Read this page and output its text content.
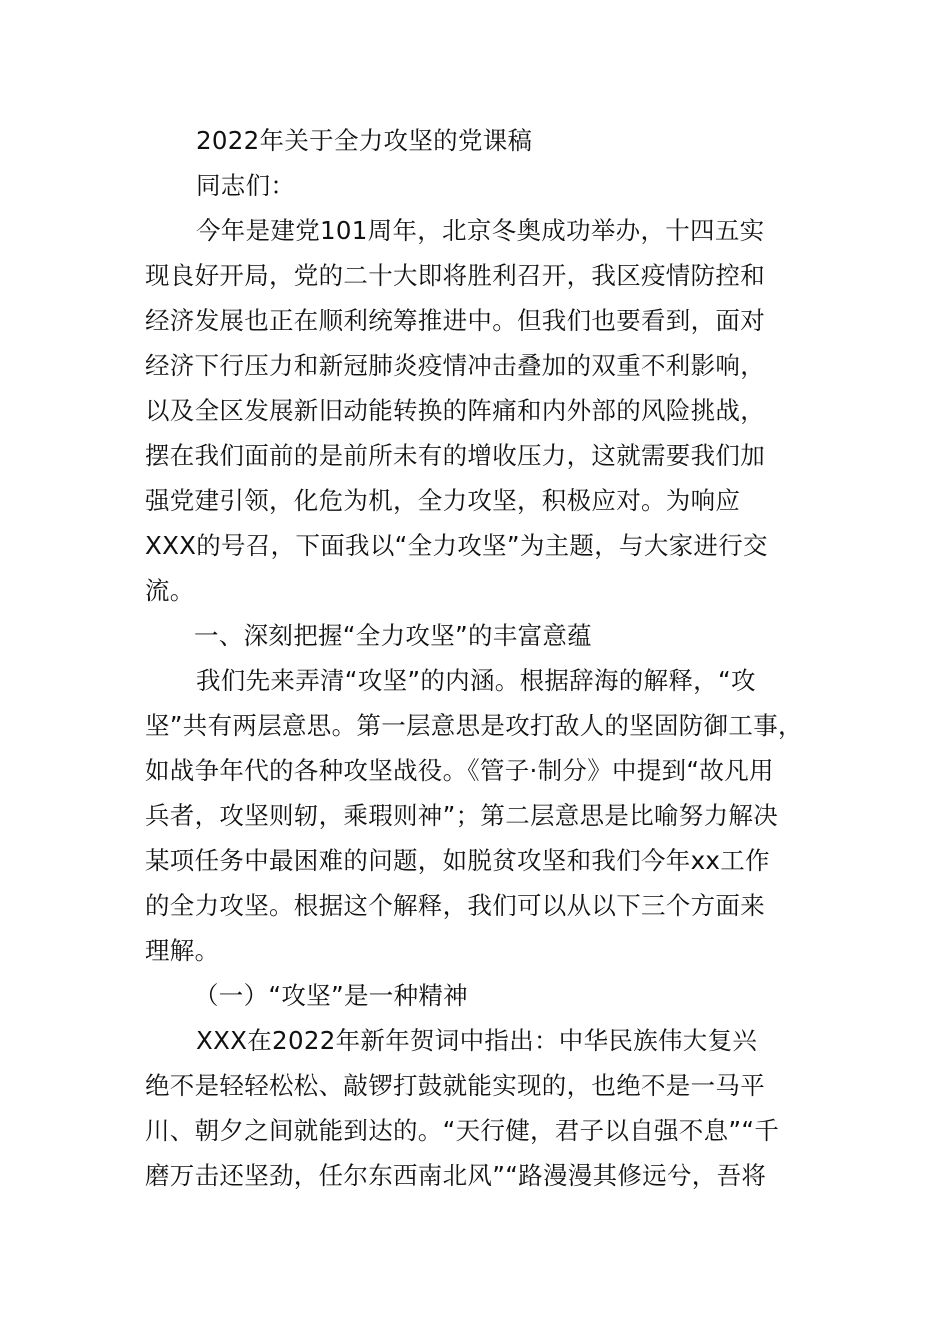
2022年关于全力攻坚的党课稿
同志们：
今年是建党101周年，北京冬奥成功举办，十四五实
现良好开局，党的二十大即将胜利召开，我区疫情防控和
经济发展也正在顺利统筹推进中。但我们也要看到，面对
经济下行压力和新冠肺炎疫情冲击叠加的双重不利影响，
以及全区发展新旧动能转换的阵痛和内外部的风险挑战，
摆在我们面前的是前所未有的增收压力，这就需要我们加
强党建引领，化危为机，全力攻坚，积极应对。为响应
XXX的号召，下面我以“全力攻坚”为主题，与大家进行交
流。
一、深刻把握“全力攻坚”的丰富意蕴
我们先来弄清“攻坚”的内涵。根据辞海的解释，“攻
坚”共有两层意思。第一层意思是攻打敌人的坚固防御工事，
如战争年代的各种攻坚战役。《管子·制分》中提到“故凡用
兵者，攻坚则轫，乘瑕则神”；第二层意思是比喻努力解决
某项任务中最困难的问题，如脱贫攻坚和我们今年xx工作
的全力攻坚。根据这个解释，我们可以从以下三个方面来
理解。
（一）“攻坚”是一种精神
XXX在2022年新年贺词中指出：中华民族伟大复兴
绝不是轻轻松松、敲锣打鼓就能实现的，也绝不是一马平
川、朝夕之间就能到达的。“天行健，君子以自强不息”“千
磨万击还坚劲，任尔东西南北风”“路漫漫其修远兮，吾将
